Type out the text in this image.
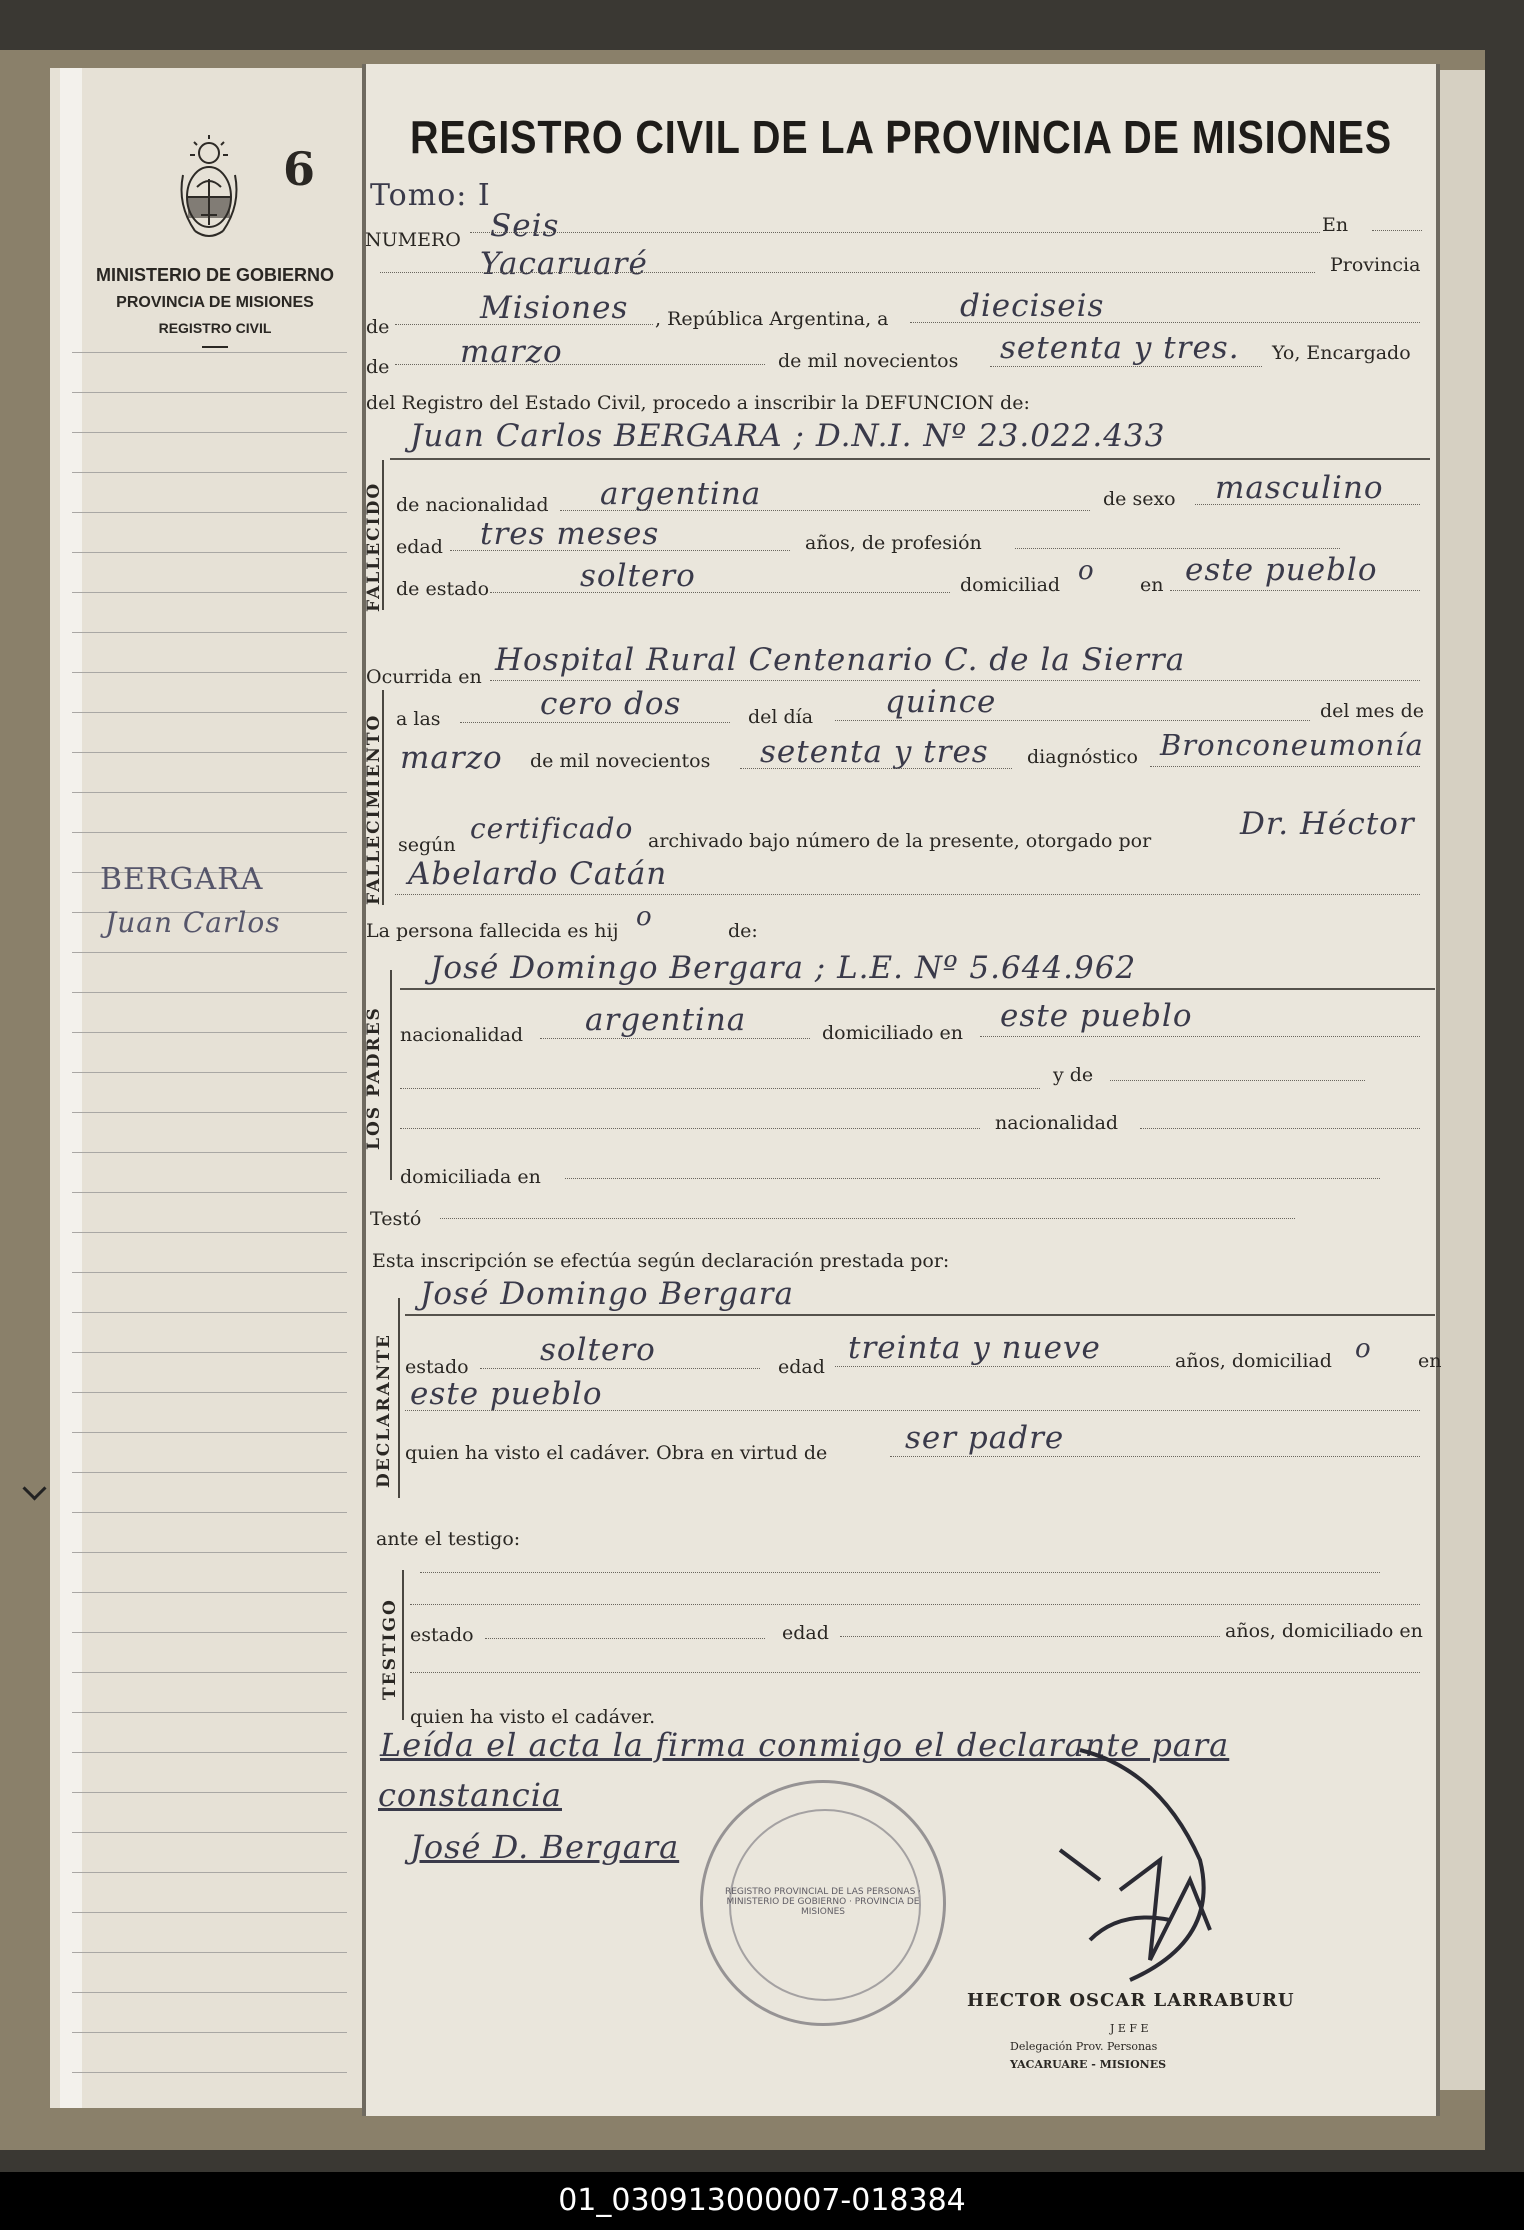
6
MINISTERIO DE GOBIERNO
PROVINCIA DE MISIONES
REGISTRO CIVIL
BERGARA
Juan Carlos
REGISTRO CIVIL DE LA PROVINCIA DE MISIONES
Tomo: I
NUMERO Seis	En
Yacaruaré	Provincia
de
Misiones , República Argentina, a dieciseis
de marzo	de mil novecientos setenta y tres. Yo, Encargado
del Registro del Estado Civil, procedo a inscribir la DEFUNCION de:
FALLECIDO
Juan Carlos BERGARA ; D.N.I. Nº 23.022.433
de nacionalidad argentina	de sexo masculino
edad tres meses	años, de profesión
de estado	soltero	domiciliad o en este pueblo
Ocurrida en Hospital Rural Centenario C. de la Sierra
FALLECIMIENTO a las	cero dos	del día quince	del mes de
marzo de mil novecientos setenta y tres diagnóstico Bronconeumonía
según certificado archivado bajo número de la presente, otorgado por	Dr. Héctor
Abelardo Catán
La persona fallecida es hij o	de:
LOS PADRES
José Domingo Bergara ; L.E. Nº 5.644.962
nacionalidad argentina	domiciliado en este pueblo
y de
nacionalidad
domiciliada en
Testó
Esta inscripción se efectúa según declaración prestada por:
DECLARANTE
José Domingo Bergara
estado soltero	edad
treinta y nueve	años, domiciliad o en
este pueblo
quien ha visto el cadáver. Obra en virtud de	ser padre
ante el testigo:
TESTIGO estado	edad	años, domiciliado en
quien ha visto el cadáver.
Leída el acta la firma conmigo el declarante para
constancia
José D. Bergara
REGISTRO PROVINCIAL DE LAS PERSONAS · MINISTERIO DE GOBIERNO · PROVINCIA DE MISIONES
HECTOR OSCAR LARRABURU
J E F E
Delegación Prov. Personas
YACARUARE - MISIONES
01_030913000007-018384
